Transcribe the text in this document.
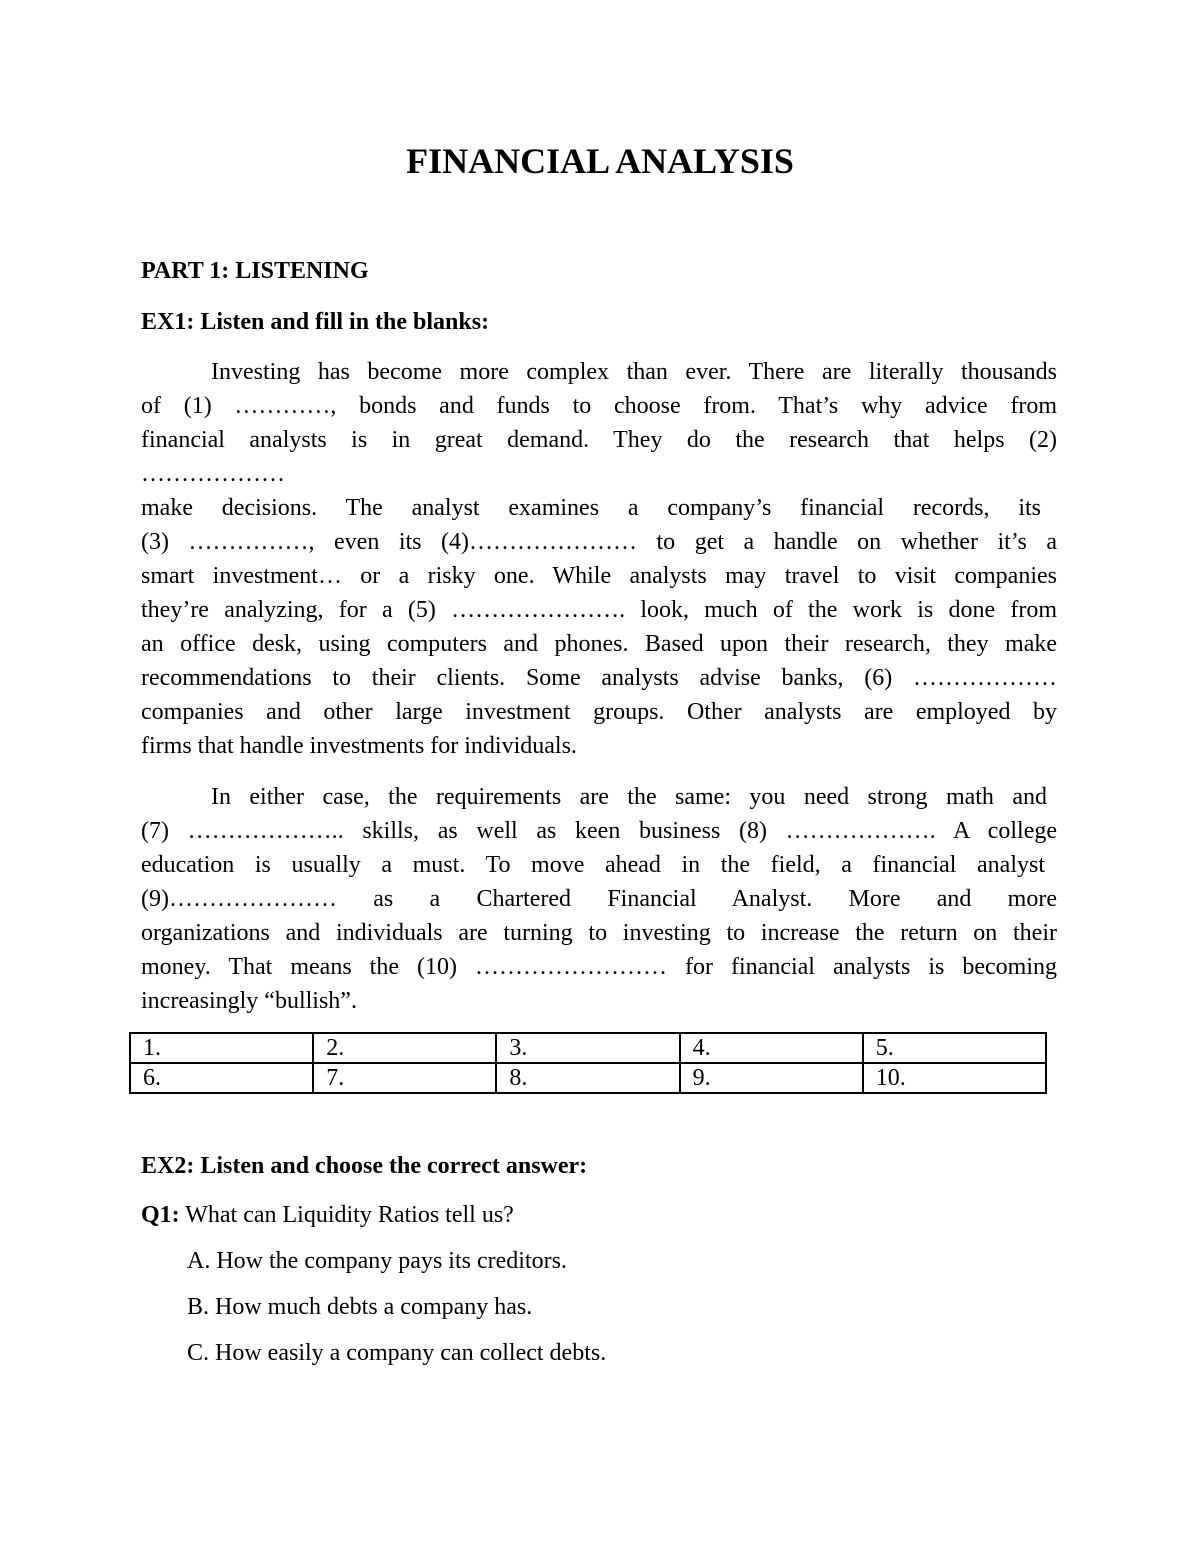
FINANCIAL ANALYSIS
PART 1: LISTENING
EX1: Listen and fill in the blanks:
Investing has become more complex than ever. There are literally thousands
of (1) …………, bonds and funds to choose from. That’s why advice from
financial analysts is in great demand. They do the research that helps (2)
………………
make decisions. The analyst examines a company’s financial records, its
(3) ……………, even its (4)………………… to get a handle on whether it’s a
smart investment… or a risky one. While analysts may travel to visit companies
they’re analyzing, for a (5) …………………. look, much of the work is done from
an office desk, using computers and phones. Based upon their research, they make
recommendations to their clients. Some analysts advise banks, (6) ………………
companies and other large investment groups. Other analysts are employed by
firms that handle investments for individuals.
In either case, the requirements are the same: you need strong math and
(7) ……………….. skills, as well as keen business (8) ………………. A college
education is usually a must. To move ahead in the field, a financial analyst
(9)………………… as a Chartered Financial Analyst. More and more
organizations and individuals are turning to investing to increase the return on their
money. That means the (10) …………………… for financial analysts is becoming
increasingly “bullish”.
1.	2.	3.	4.	5.
6.	7.	8.	9.	10.
EX2: Listen and choose the correct answer:
Q1: What can Liquidity Ratios tell us?
A. How the company pays its creditors.
B. How much debts a company has.
C. How easily a company can collect debts.
